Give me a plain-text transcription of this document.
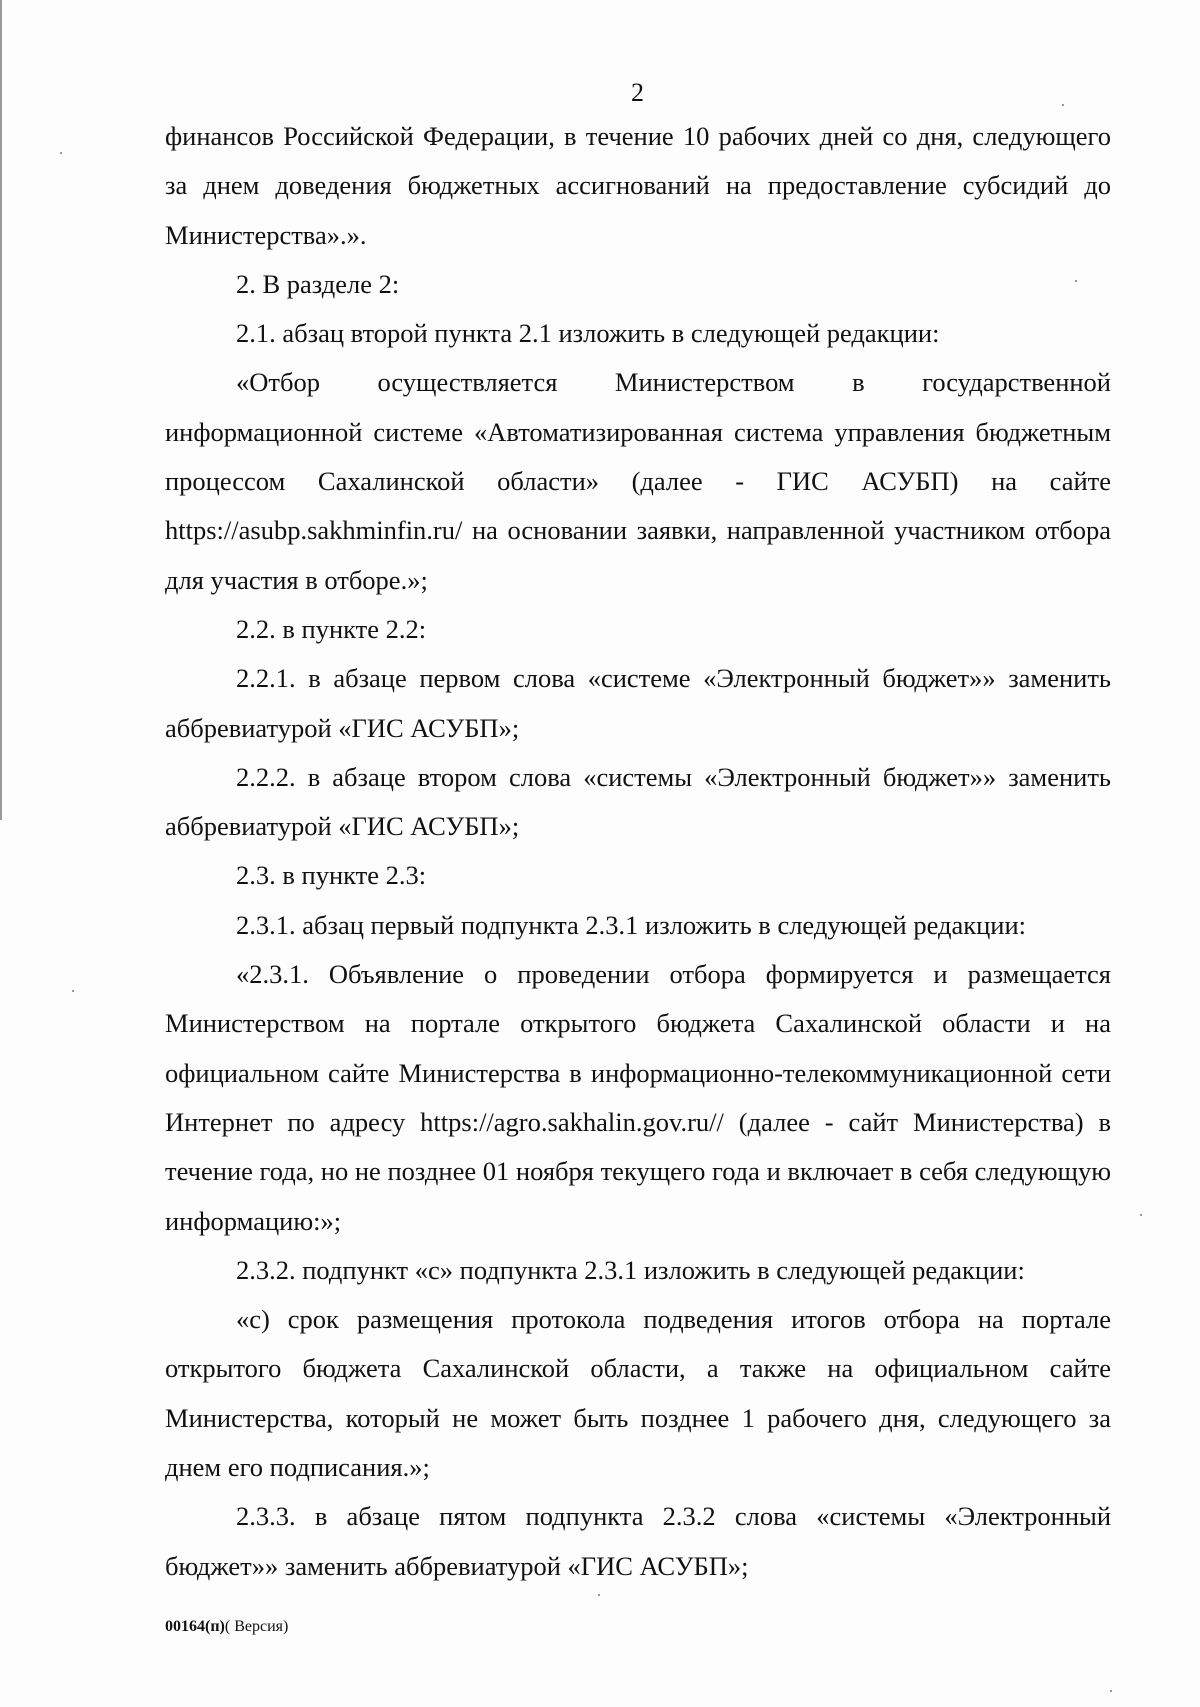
2

финансов Российской Федерации, в течение 10 рабочих дней со дня, следующего за днем доведения бюджетных ассигнований на предоставление субсидий до Министерства».».

2. В разделе 2:

2.1. абзац второй пункта 2.1 изложить в следующей редакции:

«Отбор осуществляется Министерством в государственной информационной системе «Автоматизированная система управления бюджетным процессом Сахалинской области» (далее - ГИС АСУБП) на сайте https://asubp.sakhminfin.ru/ на основании заявки, направленной участником отбора для участия в отборе.»;

2.2. в пункте 2.2:

2.2.1. в абзаце первом слова «системе «Электронный бюджет»» заменить аббревиатурой «ГИС АСУБП»;

2.2.2. в абзаце втором слова «системы «Электронный бюджет»» заменить аббревиатурой «ГИС АСУБП»;

2.3. в пункте 2.3:

2.3.1. абзац первый подпункта 2.3.1 изложить в следующей редакции:

«2.3.1. Объявление о проведении отбора формируется и размещается Министерством на портале открытого бюджета Сахалинской области и на официальном сайте Министерства в информационно-телекоммуникационной сети Интернет по адресу https://agro.sakhalin.gov.ru// (далее - сайт Министерства) в течение года, но не позднее 01 ноября текущего года и включает в себя следующую информацию:»;

2.3.2. подпункт «с» подпункта 2.3.1 изложить в следующей редакции:

«с) срок размещения протокола подведения итогов отбора на портале открытого бюджета Сахалинской области, а также на официальном сайте Министерства, который не может быть позднее 1 рабочего дня, следующего за днем его подписания.»;

2.3.3. в абзаце пятом подпункта 2.3.2 слова «системы «Электронный бюджет»» заменить аббревиатурой «ГИС АСУБП»;

00164(п)( Версия)
